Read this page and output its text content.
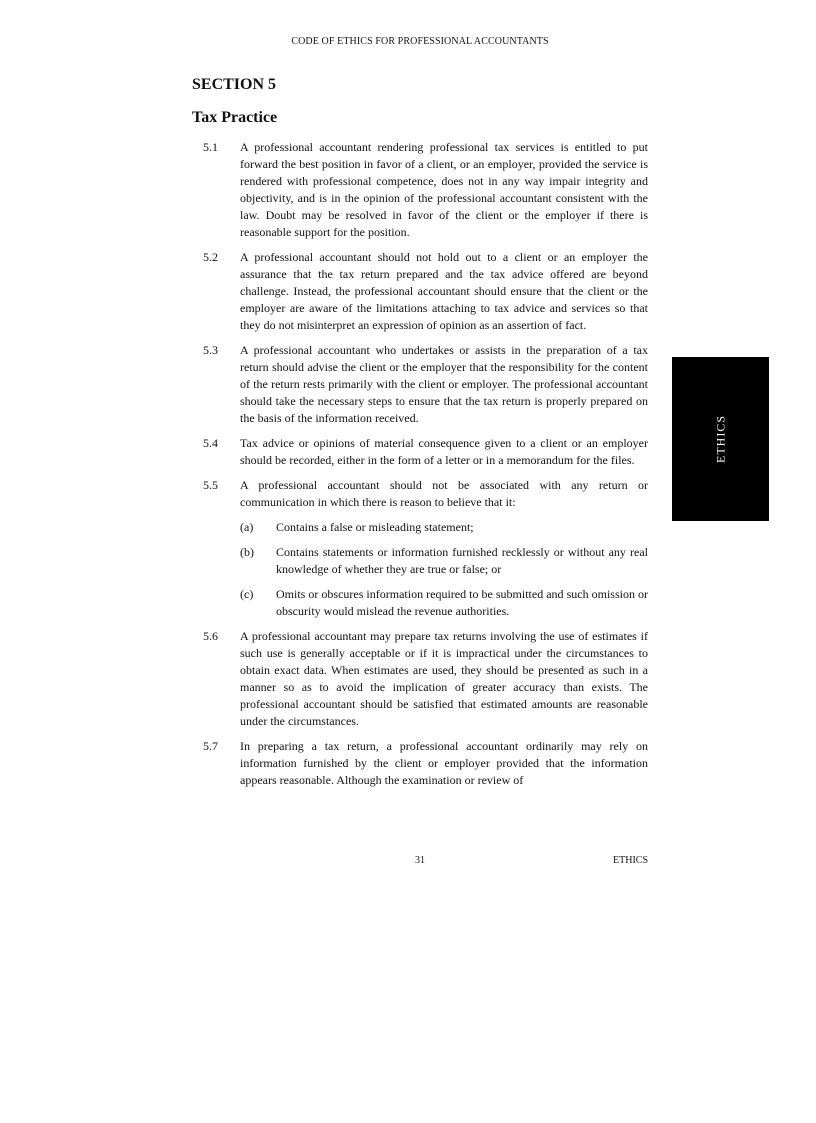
CODE OF ETHICS FOR PROFESSIONAL ACCOUNTANTS
SECTION 5
Tax Practice
5.1	A professional accountant rendering professional tax services is entitled to put forward the best position in favor of a client, or an employer, provided the service is rendered with professional competence, does not in any way impair integrity and objectivity, and is in the opinion of the professional accountant consistent with the law. Doubt may be resolved in favor of the client or the employer if there is reasonable support for the position.

5.2	A professional accountant should not hold out to a client or an employer the assurance that the tax return prepared and the tax advice offered are beyond challenge. Instead, the professional accountant should ensure that the client or the employer are aware of the limitations attaching to tax advice and services so that they do not misinterpret an expression of opinion as an assertion of fact.

5.3	A professional accountant who undertakes or assists in the preparation of a tax return should advise the client or the employer that the responsibility for the content of the return rests primarily with the client or employer. The professional accountant should take the necessary steps to ensure that the tax return is properly prepared on the basis of the information received.

5.4	Tax advice or opinions of material consequence given to a client or an employer should be recorded, either in the form of a letter or in a memorandum for the files.

5.5	A professional accountant should not be associated with any return or communication in which there is reason to believe that it:

(a)	Contains a false or misleading statement;

(b)	Contains statements or information furnished recklessly or without any real knowledge of whether they are true or false; or

(c)	Omits or obscures information required to be submitted and such omission or obscurity would mislead the revenue authorities.

5.6	A professional accountant may prepare tax returns involving the use of estimates if such use is generally acceptable or if it is impractical under the circumstances to obtain exact data. When estimates are used, they should be presented as such in a manner so as to avoid the implication of greater accuracy than exists. The professional accountant should be satisfied that estimated amounts are reasonable under the circumstances.

5.7	In preparing a tax return, a professional accountant ordinarily may rely on information furnished by the client or employer provided that the information appears reasonable. Although the examination or review of

ETHICS
31	ETHICS
